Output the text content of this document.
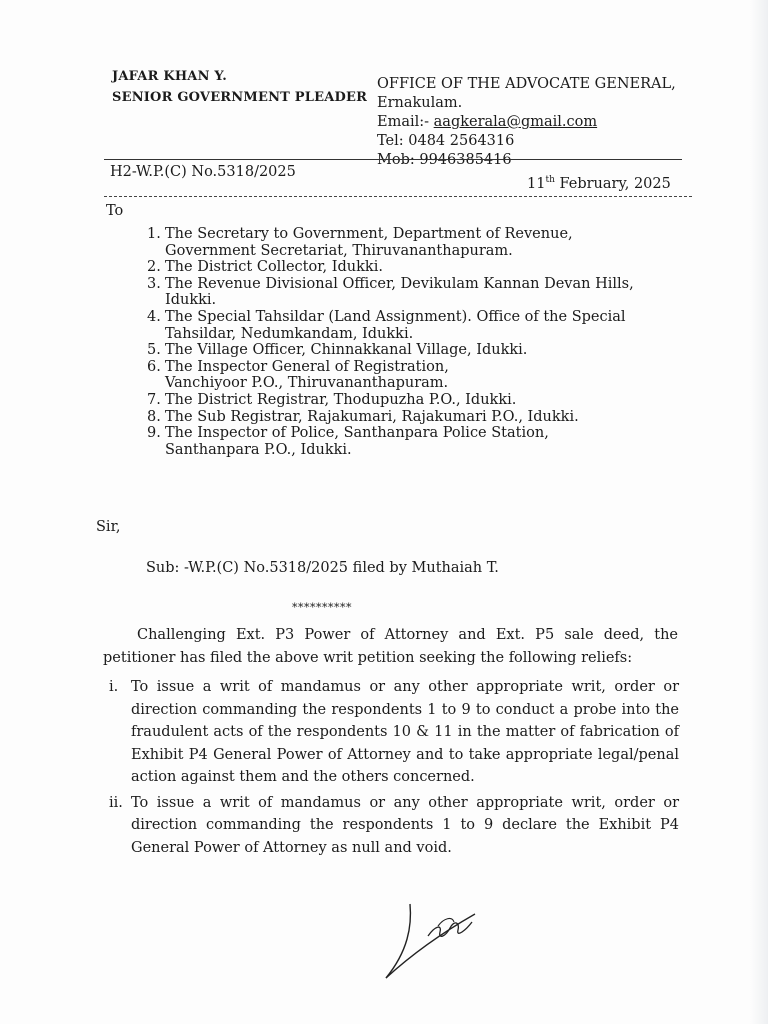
JAFAR KHAN Y.
SENIOR GOVERNMENT PLEADER
OFFICE OF THE ADVOCATE GENERAL,
Ernakulam.
Email:- aagkerala@gmail.com
Tel: 0484 2564316
Mob: 9946385416
H2-W.P.(C) No.5318/2025
11th February, 2025
To
1. The Secretary to Government, Department of Revenue,
Government Secretariat, Thiruvananthapuram.
2. The District Collector, Idukki.
3. The Revenue Divisional Officer, Devikulam Kannan Devan Hills,
Idukki.
4. The Special Tahsildar (Land Assignment). Office of the Special
Tahsildar, Nedumkandam, Idukki.
5. The Village Officer, Chinnakkanal Village, Idukki.
6. The Inspector General of Registration,
Vanchiyoor P.O., Thiruvananthapuram.
7. The District Registrar, Thodupuzha P.O., Idukki.
8. The Sub Registrar, Rajakumari, Rajakumari P.O., Idukki.
9. The Inspector of Police, Santhanpara Police Station,
Santhanpara P.O., Idukki.
Sir,
Sub: -W.P.(C) No.5318/2025 filed by Muthaiah T.
**********
Challenging Ext. P3 Power of Attorney and Ext. P5 sale deed, the petitioner has filed the above writ petition seeking the following reliefs:
i. To issue a writ of mandamus or any other appropriate writ, order or direction commanding the respondents 1 to 9 to conduct a probe into the fraudulent acts of the respondents 10 & 11 in the matter of fabrication of Exhibit P4 General Power of Attorney and to take appropriate legal/penal action against them and the others concerned.
ii. To issue a writ of mandamus or any other appropriate writ, order or direction commanding the respondents 1 to 9 declare the Exhibit P4 General Power of Attorney as null and void.
